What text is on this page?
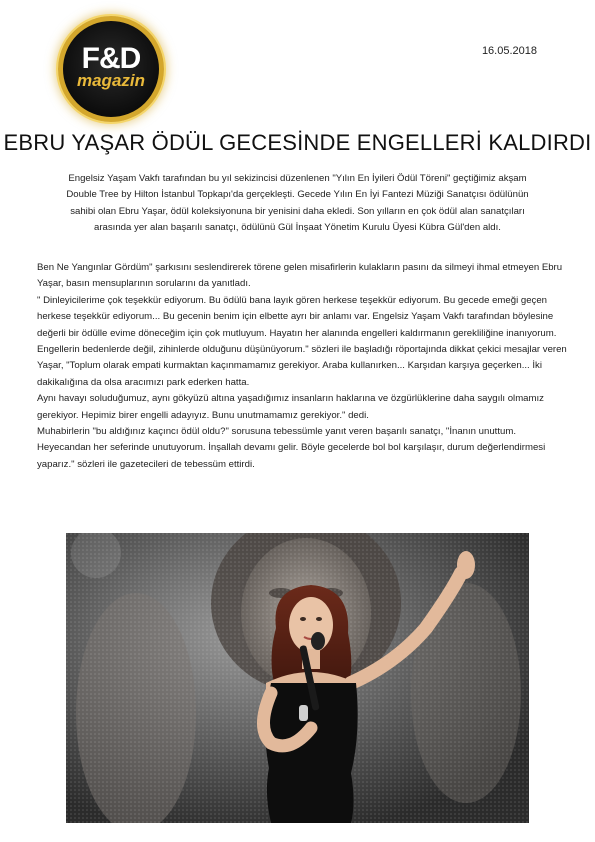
F&D
magazin
16.05.2018
EBRU YAŞAR ÖDÜL GECESİNDE ENGELLERİ KALDIRDI

Engelsiz Yaşam Vakfı tarafından bu yıl sekizincisi düzenlenen "Yılın En İyileri Ödül Töreni" geçtiğimiz akşam Double Tree by Hilton İstanbul Topkapı'da gerçekleşti. Gecede Yılın En İyi Fantezi Müziği Sanatçısı ödülünün sahibi olan Ebru Yaşar, ödül koleksiyonuna bir yenisini daha ekledi. Son yılların en çok ödül alan sanatçıları arasında yer alan başarılı sanatçı, ödülünü Gül İnşaat Yönetim Kurulu Üyesi Kübra Gül'den aldı.

Ben Ne Yangınlar Gördüm" şarkısını seslendirerek törene gelen misafirlerin kulakların pasını da silmeyi ihmal etmeyen Ebru Yaşar, basın mensuplarının sorularını da yanıtladı.

" Dinleyicilerime çok teşekkür ediyorum. Bu ödülü bana layık gören herkese teşekkür ediyorum. Bu gecede emeği geçen herkese teşekkür ediyorum... Bu gecenin benim için elbette ayrı bir anlamı var. Engelsiz Yaşam Vakfı tarafından böylesine değerli bir ödülle evime döneceğim için çok mutluyum. Hayatın her alanında engelleri kaldırmanın gerekliliğine inanıyorum.

Engellerin bedenlerde değil, zihinlerde olduğunu düşünüyorum." sözleri ile başladığı röportajında dikkat çekici mesajlar veren Yaşar, "Toplum olarak empati kurmaktan kaçınmamamız gerekiyor. Araba kullanırken... Karşıdan karşıya geçerken... İki dakikalığına da olsa aracımızı park ederken hatta.

Aynı havayı soluduğumuz, aynı gökyüzü altına yaşadığımız insanların haklarına ve özgürlüklerine daha saygılı olmamız gerekiyor. Hepimiz birer engelli adayıyız. Bunu unutmamamız gerekiyor." dedi.

Muhabirlerin "bu aldığınız kaçıncı ödül oldu?" sorusuna tebessümle yanıt veren başarılı sanatçı, "İnanın unuttum. Heyecandan her seferinde unutuyorum. İnşallah devamı gelir. Böyle gecelerde bol bol karşılaşır, durum değerlendirmesi yaparız." sözleri ile gazetecileri de tebessüm ettirdi.
